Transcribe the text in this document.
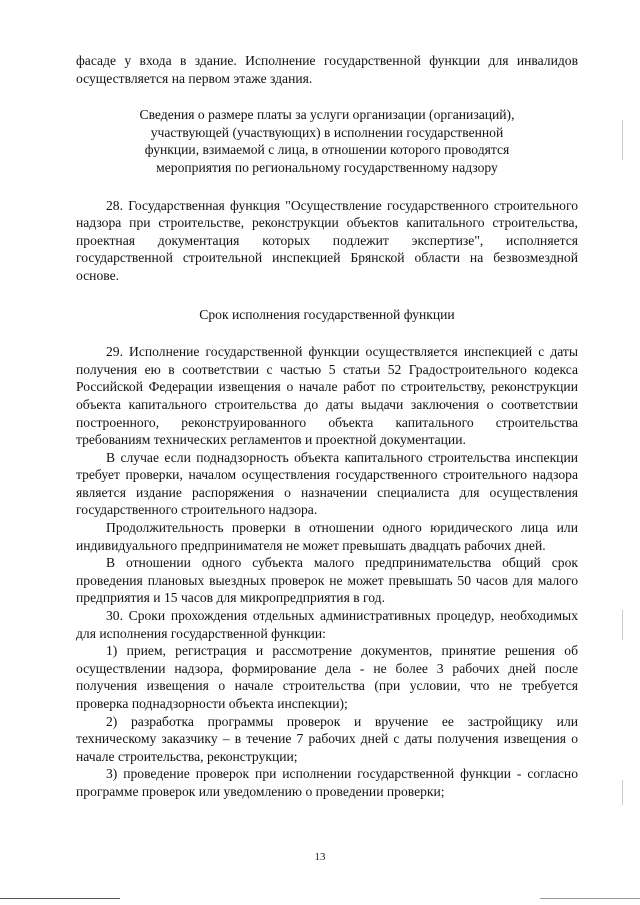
фасаде у входа в здание. Исполнение государственной функции для инвалидов осуществляется на первом этаже здания.

Сведения о размере платы за услуги организации (организаций), участвующей (участвующих) в исполнении государственной функции, взимаемой с лица, в отношении которого проводятся мероприятия по региональному государственному надзору

28. Государственная функция "Осуществление государственного строительного надзора при строительстве, реконструкции объектов капитального строительства, проектная документация которых подлежит экспертизе", исполняется государственной строительной инспекцией Брянской области на безвозмездной основе.

Срок исполнения государственной функции

29. Исполнение государственной функции осуществляется инспекцией с даты получения ею в соответствии с частью 5 статьи 52 Градостроительного кодекса Российской Федерации извещения о начале работ по строительству, реконструкции объекта капитального строительства до даты выдачи заключения о соответствии построенного, реконструированного объекта капитального строительства требованиям технических регламентов и проектной документации.

В случае если поднадзорность объекта капитального строительства инспекции требует проверки, началом осуществления государственного строительного надзора является издание распоряжения о назначении специалиста для осуществления государственного строительного надзора.

Продолжительность проверки в отношении одного юридического лица или индивидуального предпринимателя не может превышать двадцать рабочих дней.

В отношении одного субъекта малого предпринимательства общий срок проведения плановых выездных проверок не может превышать 50 часов для малого предприятия и 15 часов для микропредприятия в год.

30. Сроки прохождения отдельных административных процедур, необходимых для исполнения государственной функции:

1) прием, регистрация и рассмотрение документов, принятие решения об осуществлении надзора, формирование дела - не более 3 рабочих дней после получения извещения о начале строительства (при условии, что не требуется проверка поднадзорности объекта инспекции);

2) разработка программы проверок и вручение ее застройщику или техническому заказчику – в течение 7 рабочих дней с даты получения извещения о начале строительства, реконструкции;

3) проведение проверок при исполнении государственной функции - согласно программе проверок или уведомлению о проведении проверки;

13
